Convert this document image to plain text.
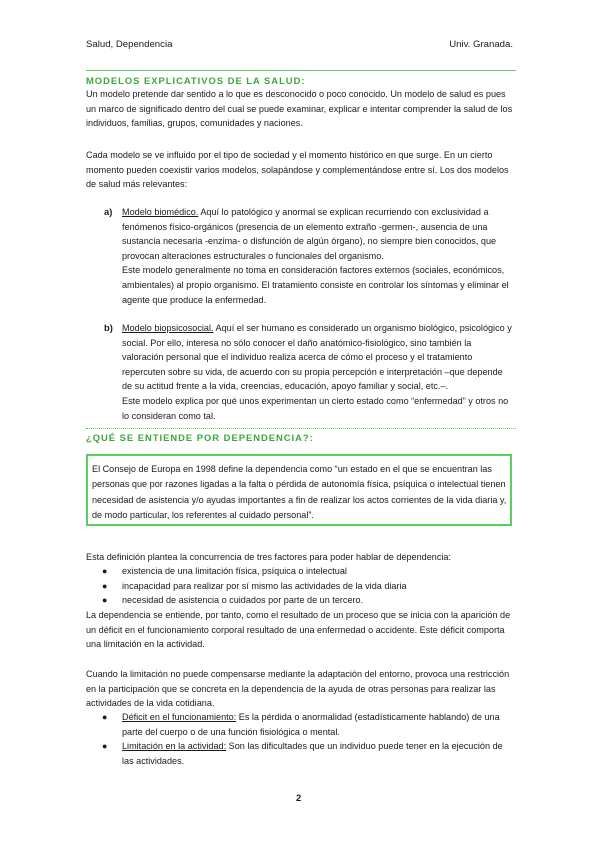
Salud, Dependencia	Univ. Granada.
MODELOS EXPLICATIVOS DE LA SALUD:

Un modelo pretende dar sentido a lo que es desconocido o poco conocido. Un modelo de salud es pues un marco de significado dentro del cual se puede examinar, explicar e intentar comprender la salud de los individuos, familias, grupos, comunidades y naciones.

Cada modelo se ve influido por el tipo de sociedad y el momento histórico en que surge. En un cierto momento pueden coexistir varios modelos, solapándose y complementándose entre sí. Los dos modelos de salud más relevantes:

a) Modelo biomédico. Aquí lo patológico y anormal se explican recurriendo con exclusividad a fenómenos físico-orgánicos (presencia de un elemento extraño -germen-, ausencia de una sustancia necesaria -enzima- o disfunción de algún órgano), no siempre bien conocidos, que provocan alteraciones estructurales o funcionales del organismo.

Este modelo generalmente no toma en consideración factores externos (sociales, económicos, ambientales) al propio organismo. El tratamiento consiste en controlar los síntomas y eliminar el agente que produce la enfermedad.

b) Modelo biopsicosocial. Aquí el ser humano es considerado un organismo biológico, psicológico y social. Por ello, interesa no sólo conocer el daño anatómico-fisiológico, sino también la valoración personal que el individuo realiza acerca de cómo el proceso y el tratamiento repercuten sobre su vida, de acuerdo con su propia percepción e interpretación –que depende de su actitud frente a la vida, creencias, educación, apoyo familiar y social, etc.–.

Este modelo explica por qué unos experimentan un cierto estado como “enfermedad” y otros no lo consideran como tal.

¿QUÉ SE ENTIENDE POR DEPENDENCIA?:

El Consejo de Europa en 1998 define la dependencia como “un estado en el que se encuentran las personas que por razones ligadas a la falta o pérdida de autonomía física, psíquica o intelectual tienen necesidad de asistencia y/o ayudas importantes a fin de realizar los actos corrientes de la vida diaria y, de modo particular, los referentes al cuidado personal”.

Esta definición plantea la concurrencia de tres factores para poder hablar de dependencia:

● existencia de una limitación física, psíquica o intelectual
● incapacidad para realizar por sí mismo las actividades de la vida diaria
● necesidad de asistencia o cuidados por parte de un tercero.

La dependencia se entiende, por tanto, como el resultado de un proceso que se inicia con la aparición de un déficit en el funcionamiento corporal resultado de una enfermedad o accidente. Este déficit comporta una limitación en la actividad.

Cuando la limitación no puede compensarse mediante la adaptación del entorno, provoca una restricción en la participación que se concreta en la dependencia de la ayuda de otras personas para realizar las actividades de la vida cotidiana.

● Déficit en el funcionamiento: Es la pérdida o anormalidad (estadísticamente hablando) de una parte del cuerpo o de una función fisiológica o mental.
● Limitación en la actividad: Son las dificultades que un individuo puede tener en la ejecución de las actividades.
2
